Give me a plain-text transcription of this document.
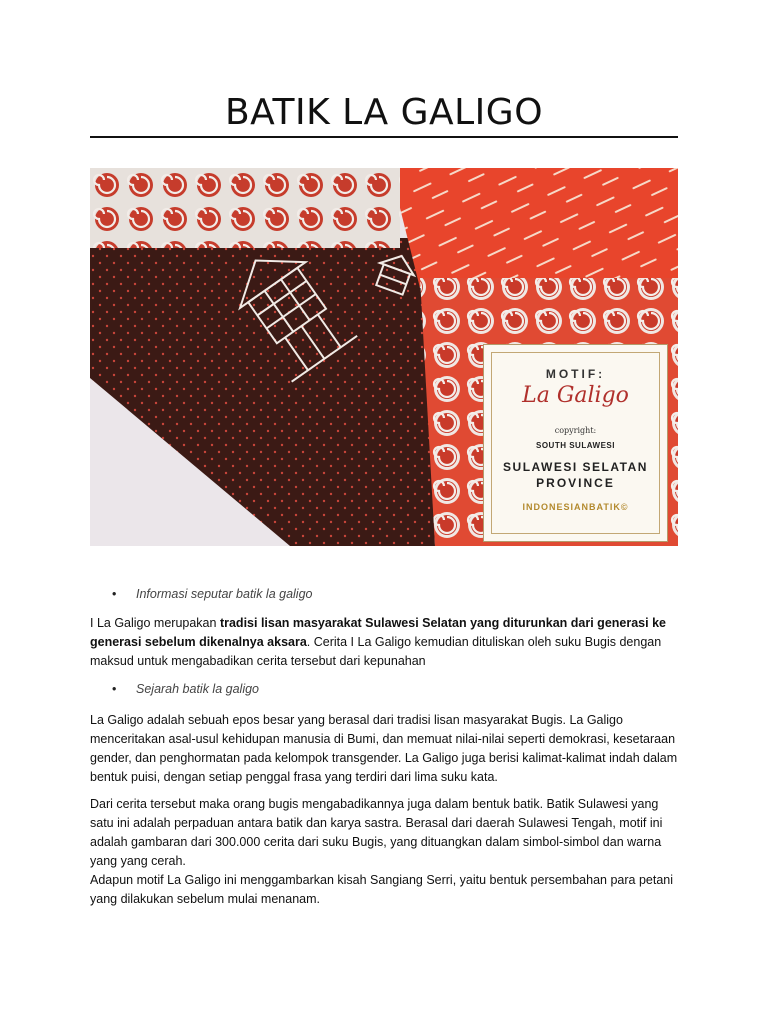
BATIK LA GALIGO
MOTIF:
La Galigo
copyright:
SOUTH SULAWESI
SULAWESI SELATAN
PROVINCE
INDONESIANBATIK©
• Informasi seputar batik la galigo

I La Galigo merupakan tradisi lisan masyarakat Sulawesi Selatan yang diturunkan dari generasi ke generasi sebelum dikenalnya aksara. Cerita I La Galigo kemudian dituliskan oleh suku Bugis dengan maksud untuk mengabadikan cerita tersebut dari kepunahan

• Sejarah batik la galigo

La Galigo adalah sebuah epos besar yang berasal dari tradisi lisan masyarakat Bugis. La Galigo menceritakan asal-usul kehidupan manusia di Bumi, dan memuat nilai-nilai seperti demokrasi, kesetaraan gender, dan penghormatan pada kelompok transgender. La Galigo juga berisi kalimat-kalimat indah dalam bentuk puisi, dengan setiap penggal frasa yang terdiri dari lima suku kata.

Dari cerita tersebut maka orang bugis mengabadikannya juga dalam bentuk batik. Batik Sulawesi yang satu ini adalah perpaduan antara batik dan karya sastra. Berasal dari daerah Sulawesi Tengah, motif ini adalah gambaran dari 300.000 cerita dari suku Bugis, yang dituangkan dalam simbol-simbol dan warna yang yang cerah.

Adapun motif La Galigo ini menggambarkan kisah Sangiang Serri, yaitu bentuk persembahan para petani yang dilakukan sebelum mulai menanam.
